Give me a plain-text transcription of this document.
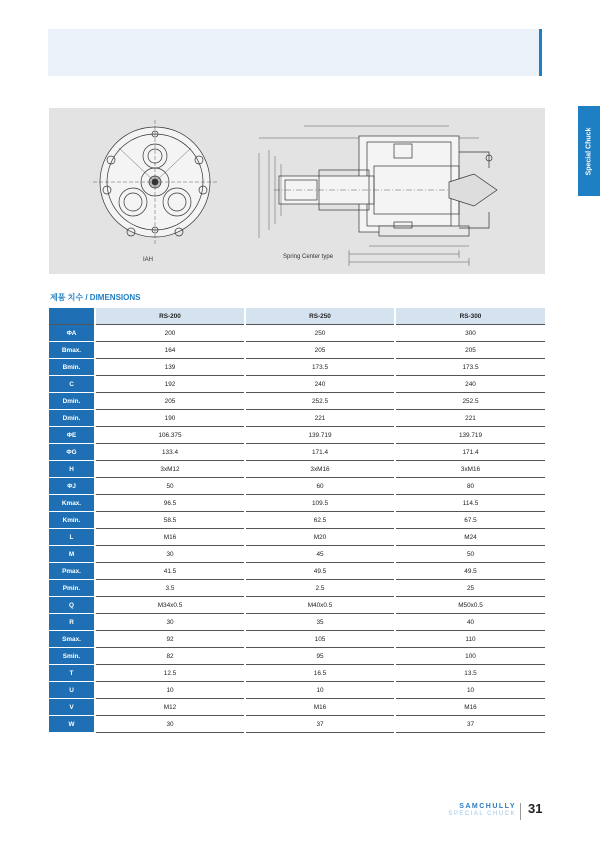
Special Chuck
IAH	Spring Center type
제품 치수 / DIMENSIONS
	RS-200	RS-250	RS-300
ΦA	200	250	300
Bmax.	164	205	205
Bmin.	139	173.5	173.5
C	192	240	240
Dmin.	205	252.5	252.5
Dmin.	190	221	221
ΦE	106.375	139.719	139.719
ΦG	133.4	171.4	171.4
H	3xM12	3xM16	3xM16
ΦJ	50	60	80
Kmax.	96.5	109.5	114.5
Kmin.	58.5	62.5	67.5
L	M16	M20	M24
M	30	45	50
Pmax.	41.5	49.5	49.5
Pmin.	3.5	2.5	25
Q	M34x0.5	M40x0.5	M50x0.5
R	30	35	40
Smax.	92	105	110
Smin.	82	95	100
T	12.5	16.5	13.5
U	10	10	10
V	M12	M16	M16
W	30	37	37
SAMCHULLY
SPECIAL CHUCK 31
